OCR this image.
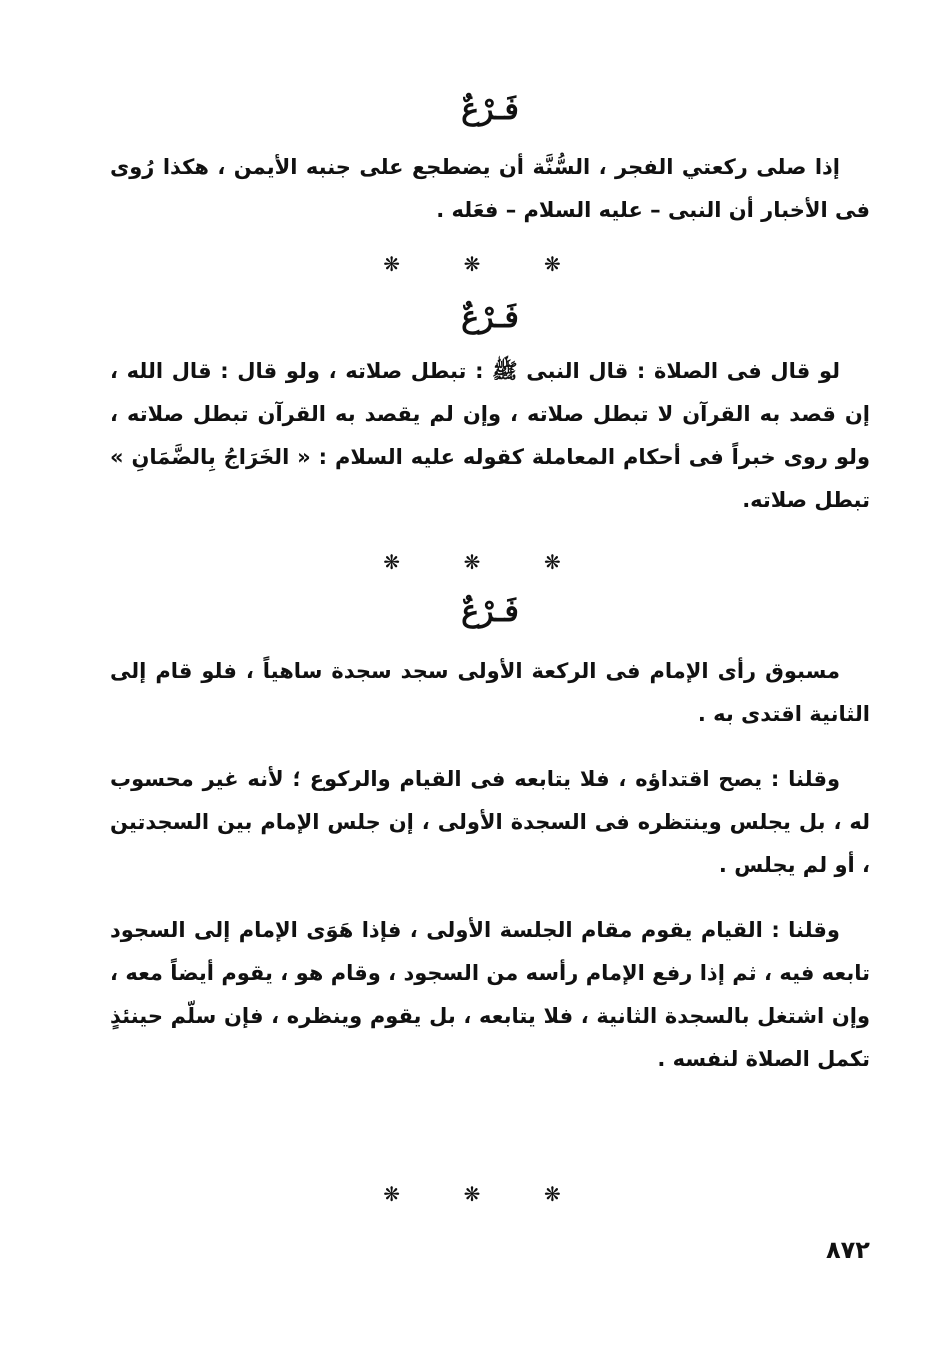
فَـرْعٌ

إذا صلى ركعتي الفجر ، السُّنَّة أن يضطجع على جنبه الأيمن ، هكذا رُوى فى الأخبار أن النبى – عليه السلام – فعَله .

❋	❋	❋
فَـرْعٌ

لو قال فى الصلاة : قال النبى ﷺ : تبطل صلاته ، ولو قال : قال الله ، إن قصد به القرآن لا تبطل صلاته ، وإن لم يقصد به القرآن تبطل صلاته ، ولو روى خبراً فى أحكام المعاملة كقوله عليه السلام : « الخَرَاجُ بِالضَّمَانِ » تبطل صلاته.

❋	❋	❋
فَـرْعٌ

مسبوق رأى الإمام فى الركعة الأولى سجد سجدة ساهياً ، فلو قام إلى الثانية اقتدى به .

وقلنا : يصح اقتداؤه ، فلا يتابعه فى القيام والركوع ؛ لأنه غير محسوب له ، بل يجلس وينتظره فى السجدة الأولى ، إن جلس الإمام بين السجدتين ، أو لم يجلس .

وقلنا : القيام يقوم مقام الجلسة الأولى ، فإذا هَوَى الإمام إلى السجود تابعه فيه ، ثم إذا رفع الإمام رأسه من السجود ، وقام هو ، يقوم أيضاً معه ، وإن اشتغل بالسجدة الثانية ، فلا يتابعه ، بل يقوم وينظره ، فإن سلّم حينئذٍ تكمل الصلاة لنفسه .

❋	❋	❋
٨٧٢
